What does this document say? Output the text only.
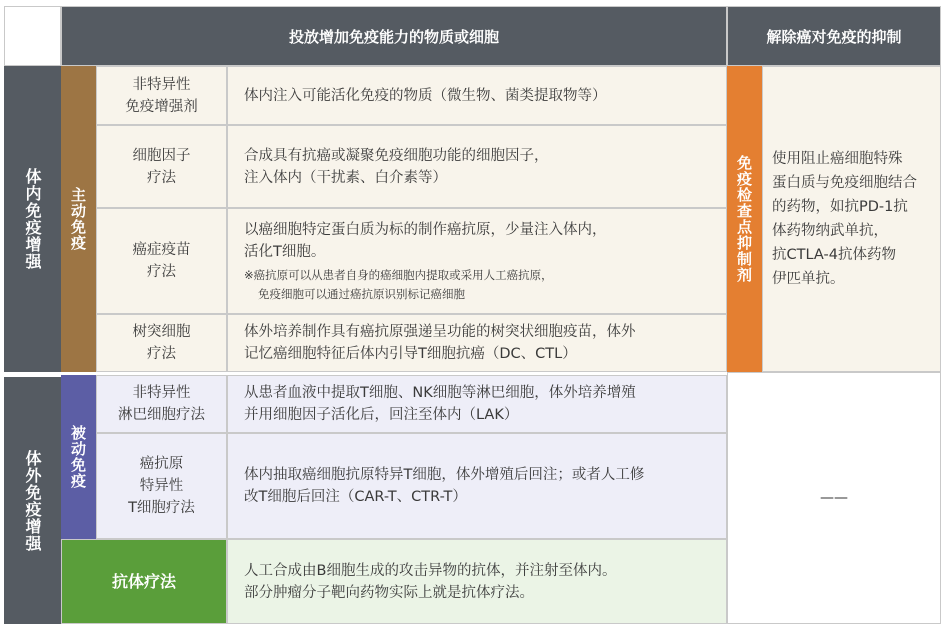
投放增加免疫能力的物质或细胞	解除癌对免疫的抑制
体内免疫增强
体外免疫增强
主动免疫
被动免疫
非特异性
免疫增强剂
体内注入可能活化免疫的物质（微生物、菌类提取物等）
细胞因子
疗法
合成具有抗癌或凝聚免疫细胞功能的细胞因子，
注入体内（干扰素、白介素等）
癌症疫苗
疗法
以癌细胞特定蛋白质为标的制作癌抗原，少量注入体内，
活化T细胞。
※癌抗原可以从患者自身的癌细胞内提取或采用人工癌抗原，
免疫细胞可以通过癌抗原识别标记癌细胞
树突细胞
疗法
体外培养制作具有癌抗原强递呈功能的树突状细胞疫苗，体外
记忆癌细胞特征后体内引导T细胞抗癌（DC、CTL）
非特异性
淋巴细胞疗法
从患者血液中提取T细胞、NK细胞等淋巴细胞，体外培养增殖
并用细胞因子活化后，回注至体内（LAK）
癌抗原
特异性
T细胞疗法
体内抽取癌细胞抗原特异T细胞，体外增殖后回注；或者人工修
改T细胞后回注（CAR-T、CTR-T）
抗体疗法
人工合成由B细胞生成的攻击异物的抗体，并注射至体内。
部分肿瘤分子靶向药物实际上就是抗体疗法。
免疫检查点抑制剂 使用阻止癌细胞特殊
蛋白质与免疫细胞结合
的药物，如抗PD-1抗
体药物纳武单抗，
抗CTLA-4抗体药物
伊匹单抗。
——
